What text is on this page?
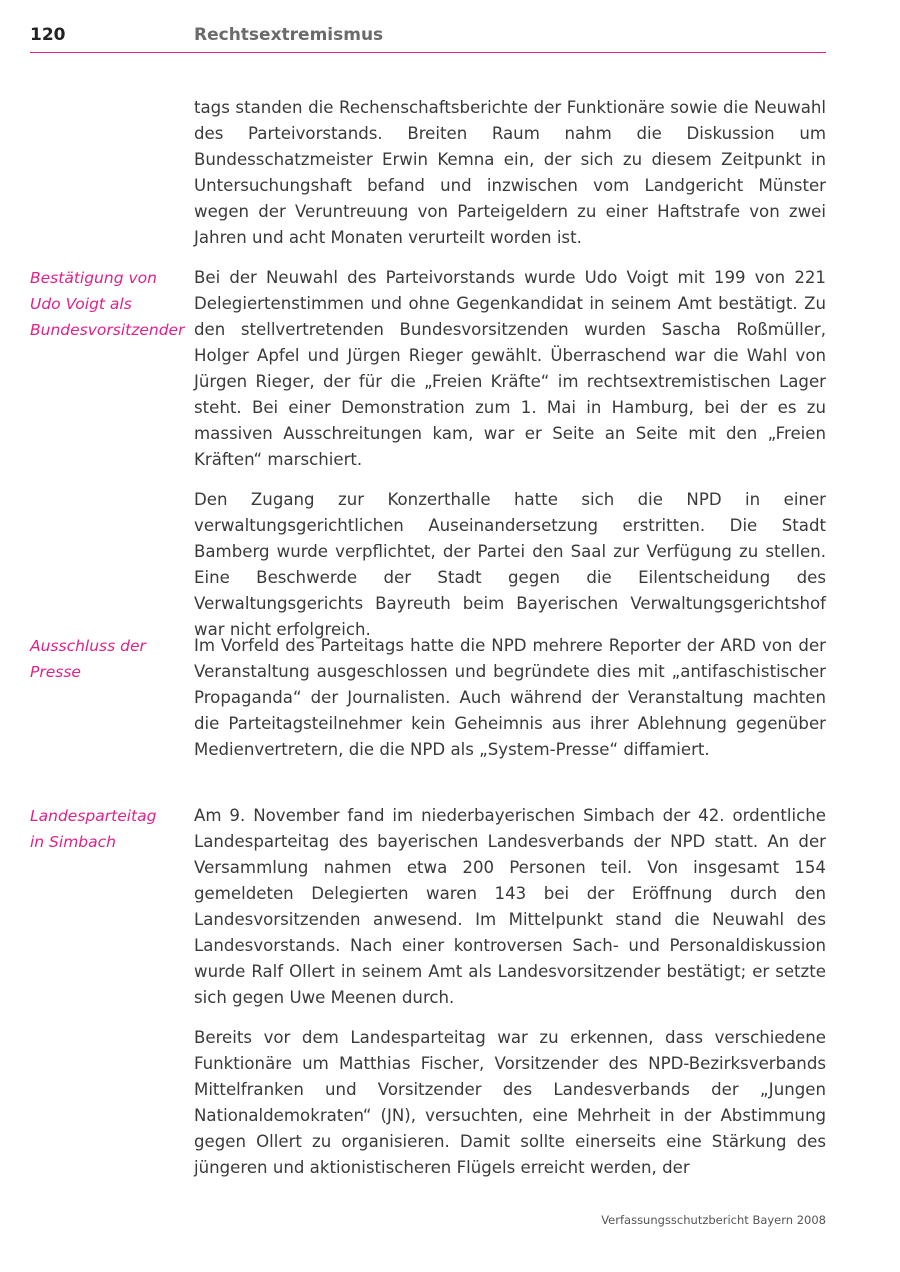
120	Rechtsextremismus

tags standen die Rechenschaftsberichte der Funktionäre sowie die Neuwahl des Parteivorstands. Breiten Raum nahm die Diskussion um Bundesschatzmeister Erwin Kemna ein, der sich zu diesem Zeitpunkt in Untersuchungshaft befand und inzwischen vom Landgericht Münster wegen der Veruntreuung von Parteigeldern zu einer Haftstrafe von zwei Jahren und acht Monaten verurteilt worden ist.

Bestätigung von
Udo Voigt als
Bundesvorsitzender

Bei der Neuwahl des Parteivorstands wurde Udo Voigt mit 199 von 221 Delegiertenstimmen und ohne Gegenkandidat in seinem Amt bestätigt. Zu den stellvertretenden Bundesvorsitzenden wurden Sascha Roßmüller, Holger Apfel und Jürgen Rieger gewählt. Überraschend war die Wahl von Jürgen Rieger, der für die „Freien Kräfte“ im rechtsextremistischen Lager steht. Bei einer Demonstration zum 1. Mai in Hamburg, bei der es zu massiven Ausschreitungen kam, war er Seite an Seite mit den „Freien Kräften“ marschiert.

Den Zugang zur Konzerthalle hatte sich die NPD in einer verwaltungsgerichtlichen Auseinandersetzung erstritten. Die Stadt Bamberg wurde verpflichtet, der Partei den Saal zur Verfügung zu stellen. Eine Beschwerde der Stadt gegen die Eilentscheidung des Verwaltungsgerichts Bayreuth beim Bayerischen Verwaltungsgerichtshof war nicht erfolgreich.

Ausschluss der
Presse

Im Vorfeld des Parteitags hatte die NPD mehrere Reporter der ARD von der Veranstaltung ausgeschlossen und begründete dies mit „antifaschistischer Propaganda“ der Journalisten. Auch während der Veranstaltung machten die Parteitagsteilnehmer kein Geheimnis aus ihrer Ablehnung gegenüber Medienvertretern, die die NPD als „System-Presse“ diffamiert.

Landesparteitag
in Simbach

Am 9. November fand im niederbayerischen Simbach der 42. ordentliche Landesparteitag des bayerischen Landesverbands der NPD statt. An der Versammlung nahmen etwa 200 Personen teil. Von insgesamt 154 gemeldeten Delegierten waren 143 bei der Eröffnung durch den Landesvorsitzenden anwesend. Im Mittelpunkt stand die Neuwahl des Landesvorstands. Nach einer kontroversen Sach- und Personaldiskussion wurde Ralf Ollert in seinem Amt als Landesvorsitzender bestätigt; er setzte sich gegen Uwe Meenen durch.

Bereits vor dem Landesparteitag war zu erkennen, dass verschiedene Funktionäre um Matthias Fischer, Vorsitzender des NPD-Bezirksverbands Mittelfranken und Vorsitzender des Landesverbands der „Jungen Nationaldemokraten“ (JN), versuchten, eine Mehrheit in der Abstimmung gegen Ollert zu organisieren. Damit sollte einerseits eine Stärkung des jüngeren und aktionistischeren Flügels erreicht werden, der

Verfassungsschutzbericht Bayern 2008
